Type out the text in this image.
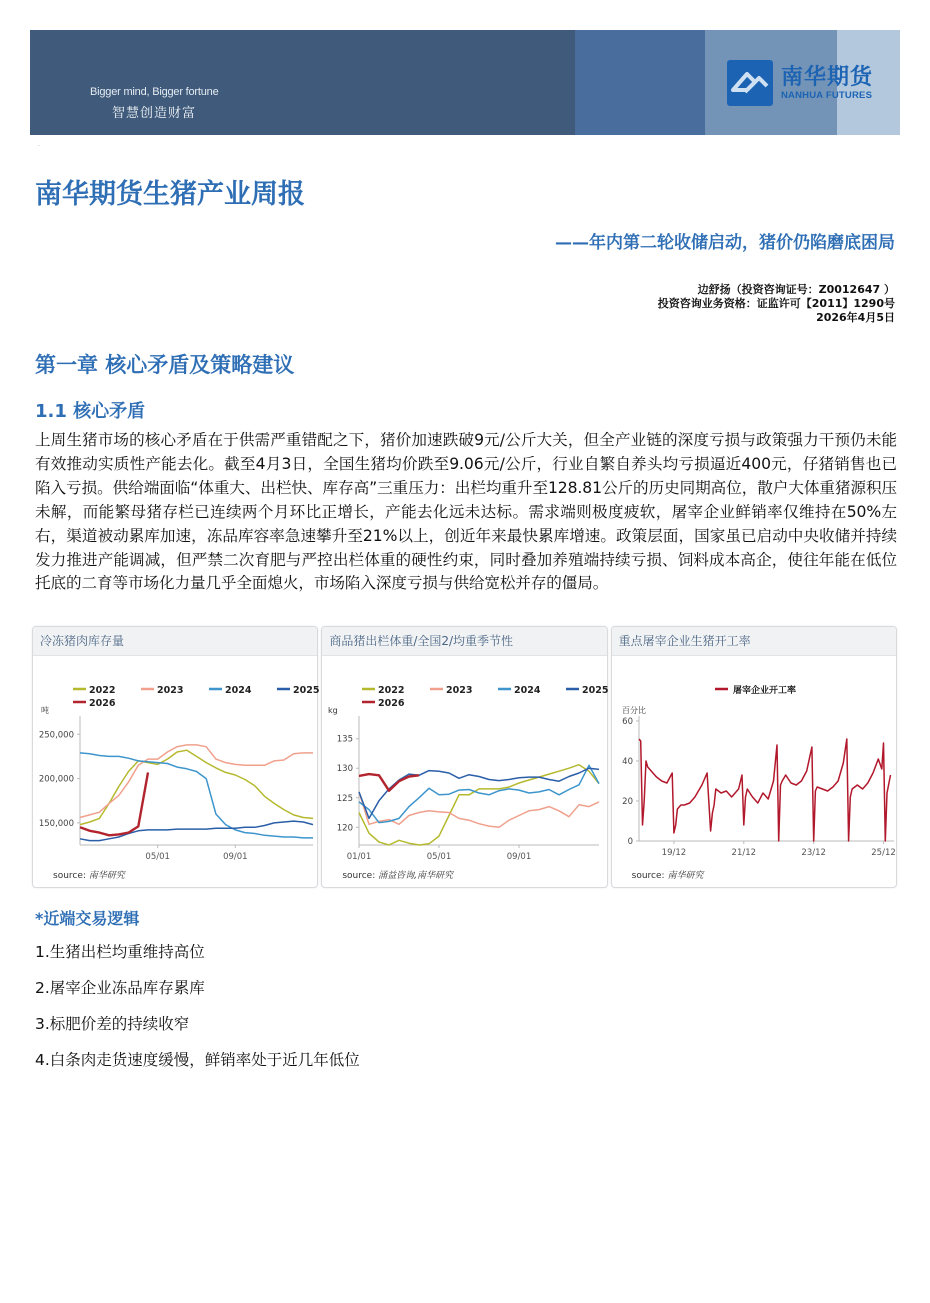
Bigger mind, Bigger fortune
智慧创造财富
南华期货
NANHUA FUTURES
·
南华期货生猪产业周报
——年内第二轮收储启动，猪价仍陷磨底困局
边舒扬（投资咨询证号：Z0012647 ）
投资咨询业务资格：证监许可【2011】1290号
2026年4月5日
第一章 核心矛盾及策略建议
1.1 核心矛盾
上周生猪市场的核心矛盾在于供需严重错配之下，猪价加速跌破9元/公斤大关，但全产业链的深度亏损与政策强力干预仍未能有效推动实质性产能去化。截至4月3日，全国生猪均价跌至9.06元/公斤，行业自繁自养头均亏损逼近400元，仔猪销售也已陷入亏损。供给端面临“体重大、出栏快、库存高”三重压力：出栏均重升至128.81公斤的历史同期高位，散户大体重猪源积压未解，而能繁母猪存栏已连续两个月环比正增长，产能去化远未达标。需求端则极度疲软，屠宰企业鲜销率仅维持在50%左右，渠道被动累库加速，冻品库容率急速攀升至21%以上，创近年来最快累库增速。政策层面，国家虽已启动中央收储并持续发力推进产能调减，但严禁二次育肥与严控出栏体重的硬性约束，同时叠加养殖端持续亏损、饲料成本高企，使往年能在低位托底的二育等市场化力量几乎全面熄火，市场陷入深度亏损与供给宽松并存的僵局。
冷冻猪肉库存量
150,000
200,000
250,000
05/01	09/01
吨
2022	2023	2024	2025
2026
source: 南华研究
商品猪出栏体重/全国2/均重季节性
120
125
130
135
01/01	05/01	09/01
kg
2022	2023	2024	2025
2026
source: 涌益咨询,南华研究
重点屠宰企业生猪开工率
0
20
40
60
19/12	21/12	23/12	25/12
百分比
屠宰企业开工率
source: 南华研究
*近端交易逻辑
1.生猪出栏均重维持高位
2.屠宰企业冻品库存累库
3.标肥价差的持续收窄
4.白条肉走货速度缓慢，鲜销率处于近几年低位
